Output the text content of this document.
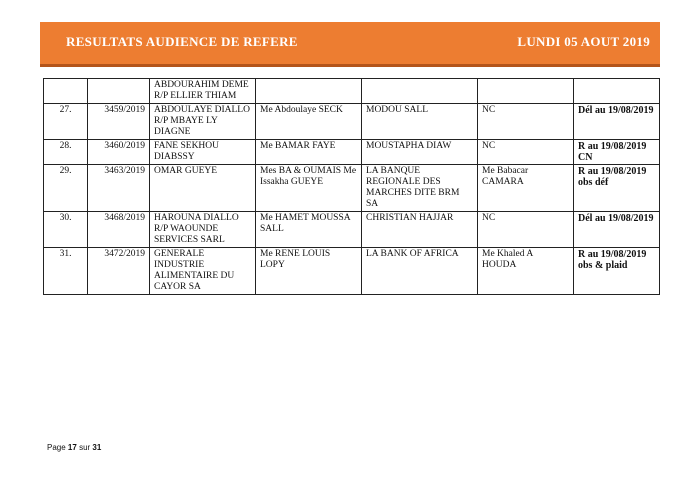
RESULTATS AUDIENCE DE REFERE	LUNDI 05 AOUT 2019
		ABDOURAHIM DEME R/P ELLIER THIAM				
27.	3459/2019	ABDOULAYE DIALLO R/P MBAYE LY DIAGNE	Me Abdoulaye SECK	MODOU SALL	NC	Dél au 19/08/2019
28.	3460/2019	FANE SEKHOU DIABSSY	Me BAMAR FAYE	MOUSTAPHA DIAW	NC	R au 19/08/2019 CN
29.	3463/2019	OMAR GUEYE	Mes BA & OUMAIS Me Issakha GUEYE	LA BANQUE REGIONALE DES MARCHES DITE BRM SA	Me Babacar CAMARA	R au 19/08/2019 obs déf
30.	3468/2019	HAROUNA DIALLO R/P WAOUNDE SERVICES SARL	Me HAMET MOUSSA SALL	CHRISTIAN HAJJAR	NC	Dél au 19/08/2019
31.	3472/2019	GENERALE INDUSTRIE ALIMENTAIRE DU CAYOR SA	Me RENE LOUIS LOPY	LA BANK OF AFRICA	Me Khaled A HOUDA	R au 19/08/2019 obs & plaid
Page 17 sur 31
